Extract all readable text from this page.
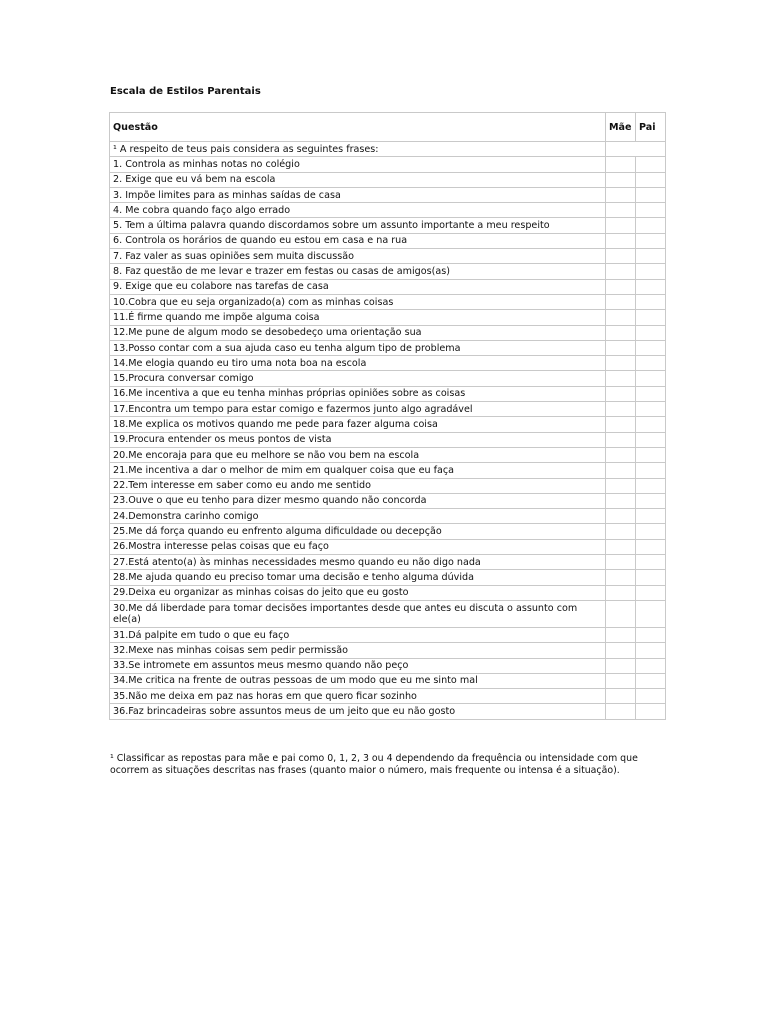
Escala de Estilos Parentais
Questão	Mãe	Pai
¹ A respeito de teus pais considera as seguintes frases:		
1. Controla as minhas notas no colégio		
2. Exige que eu vá bem na escola		
3. Impõe limites para as minhas saídas de casa		
4. Me cobra quando faço algo errado		
5. Tem a última palavra quando discordamos sobre um assunto importante a meu respeito		
6. Controla os horários de quando eu estou em casa e na rua		
7. Faz valer as suas opiniões sem muita discussão		
8. Faz questão de me levar e trazer em festas ou casas de amigos(as)		
9. Exige que eu colabore nas tarefas de casa		
10.Cobra que eu seja organizado(a) com as minhas coisas		
11.É firme quando me impõe alguma coisa		
12.Me pune de algum modo se desobedeço uma orientação sua		
13.Posso contar com a sua ajuda caso eu tenha algum tipo de problema		
14.Me elogia quando eu tiro uma nota boa na escola		
15.Procura conversar comigo		
16.Me incentiva a que eu tenha minhas próprias opiniões sobre as coisas		
17.Encontra um tempo para estar comigo e fazermos junto algo agradável		
18.Me explica os motivos quando me pede para fazer alguma coisa		
19.Procura entender os meus pontos de vista		
20.Me encoraja para que eu melhore se não vou bem na escola		
21.Me incentiva a dar o melhor de mim em qualquer coisa que eu faça		
22.Tem interesse em saber como eu ando me sentido		
23.Ouve o que eu tenho para dizer mesmo quando não concorda		
24.Demonstra carinho comigo		
25.Me dá força quando eu enfrento alguma dificuldade ou decepção		
26.Mostra interesse pelas coisas que eu faço		
27.Está atento(a) às minhas necessidades mesmo quando eu não digo nada		
28.Me ajuda quando eu preciso tomar uma decisão e tenho alguma dúvida		
29.Deixa eu organizar as minhas coisas do jeito que eu gosto		
30.Me dá liberdade para tomar decisões importantes desde que antes eu discuta o assunto com ele(a)		
31.Dá palpite em tudo o que eu faço		
32.Mexe nas minhas coisas sem pedir permissão		
33.Se intromete em assuntos meus mesmo quando não peço		
34.Me critica na frente de outras pessoas de um modo que eu me sinto mal		
35.Não me deixa em paz nas horas em que quero ficar sozinho		
36.Faz brincadeiras sobre assuntos meus de um jeito que eu não gosto		

¹ Classificar as repostas para mãe e pai como 0, 1, 2, 3 ou 4 dependendo da frequência ou intensidade com que ocorrem as situações descritas nas frases (quanto maior o número, mais frequente ou intensa é a situação).
